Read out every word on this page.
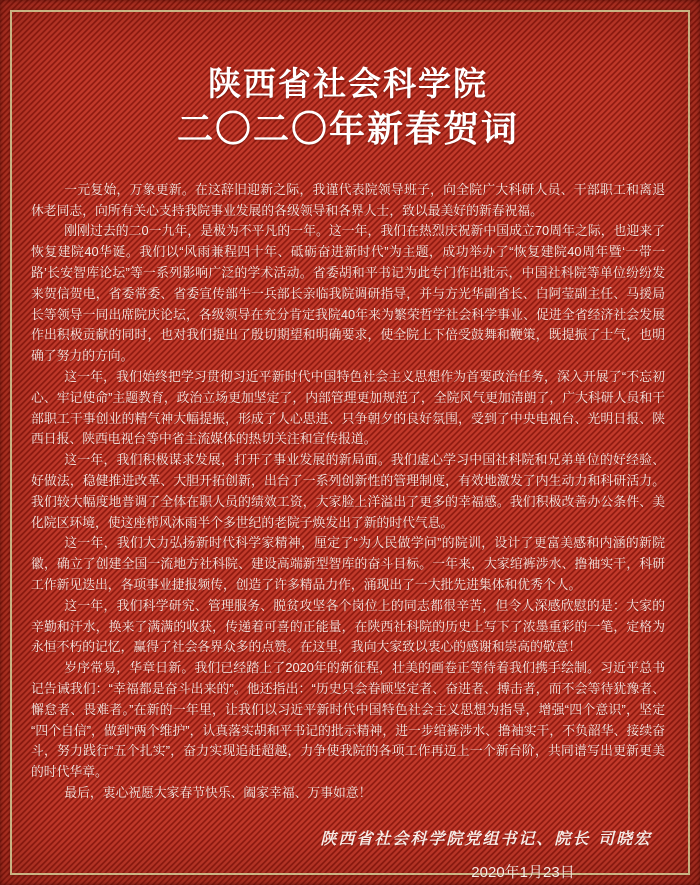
陕西省社会科学院
二〇二〇年新春贺词

一元复始，万象更新。在这辞旧迎新之际，我谨代表院领导班子，向全院广大科研人员、干部职工和离退休老同志，向所有关心支持我院事业发展的各级领导和各界人士，致以最美好的新春祝福。

刚刚过去的二0一九年，是极为不平凡的一年。这一年，我们在热烈庆祝新中国成立70周年之际，也迎来了恢复建院40华诞。我们以“风雨兼程四十年、砥砺奋进新时代”为主题，成功举办了“恢复建院40周年暨‘一带一路’长安智库论坛”等一系列影响广泛的学术活动。省委胡和平书记为此专门作出批示，中国社科院等单位纷纷发来贺信贺电，省委常委、省委宣传部牛一兵部长亲临我院调研指导，并与方光华副省长、白阿莹副主任、马援局长等领导一同出席院庆论坛，各级领导在充分肯定我院40年来为繁荣哲学社会科学事业、促进全省经济社会发展作出积极贡献的同时，也对我们提出了殷切期望和明确要求，使全院上下倍受鼓舞和鞭策，既提振了士气，也明确了努力的方向。

这一年，我们始终把学习贯彻习近平新时代中国特色社会主义思想作为首要政治任务，深入开展了“不忘初心、牢记使命”主题教育，政治立场更加坚定了，内部管理更加规范了，全院风气更加清朗了，广大科研人员和干部职工干事创业的精气神大幅提振，形成了人心思进、只争朝夕的良好氛围，受到了中央电视台、光明日报、陕西日报、陕西电视台等中省主流媒体的热切关注和宣传报道。

这一年，我们积极谋求发展，打开了事业发展的新局面。我们虚心学习中国社科院和兄弟单位的好经验、好做法，稳健推进改革、大胆开拓创新，出台了一系列创新性的管理制度，有效地激发了内生动力和科研活力。我们较大幅度地普调了全体在职人员的绩效工资，大家脸上洋溢出了更多的幸福感。我们积极改善办公条件、美化院区环境，使这座栉风沐雨半个多世纪的老院子焕发出了新的时代气息。

这一年，我们大力弘扬新时代科学家精神，厘定了“为人民做学问”的院训，设计了更富美感和内涵的新院徽，确立了创建全国一流地方社科院、建设高端新型智库的奋斗目标。一年来，大家绾裤涉水、撸袖实干，科研工作新见迭出，各项事业捷报频传，创造了许多精品力作，涌现出了一大批先进集体和优秀个人。

这一年，我们科学研究、管理服务、脱贫攻坚各个岗位上的同志都很辛苦，但令人深感欣慰的是：大家的辛勤和汗水，换来了满满的收获，传递着可喜的正能量，在陕西社科院的历史上写下了浓墨重彩的一笔，定格为永恒不朽的记忆，赢得了社会各界众多的点赞。在这里，我向大家致以衷心的感谢和崇高的敬意！

岁序常易，华章日新。我们已经踏上了2020年的新征程，壮美的画卷正等待着我们携手绘制。习近平总书记告诫我们：“幸福都是奋斗出来的”。他还指出：“历史只会眷顾坚定者、奋进者、搏击者，而不会等待犹豫者、懈怠者、畏难者。”在新的一年里，让我们以习近平新时代中国特色社会主义思想为指导，增强“四个意识”，坚定“四个自信”，做到“两个维护”，认真落实胡和平书记的批示精神，进一步绾裤涉水、撸袖实干，不负韶华、接续奋斗，努力践行“五个扎实”，奋力实现追赶超越，力争使我院的各项工作再迈上一个新台阶，共同谱写出更新更美的时代华章。

最后，衷心祝愿大家春节快乐、阖家幸福、万事如意！

陕西省社会科学院党组书记、院长 司晓宏
2020年1月23日
